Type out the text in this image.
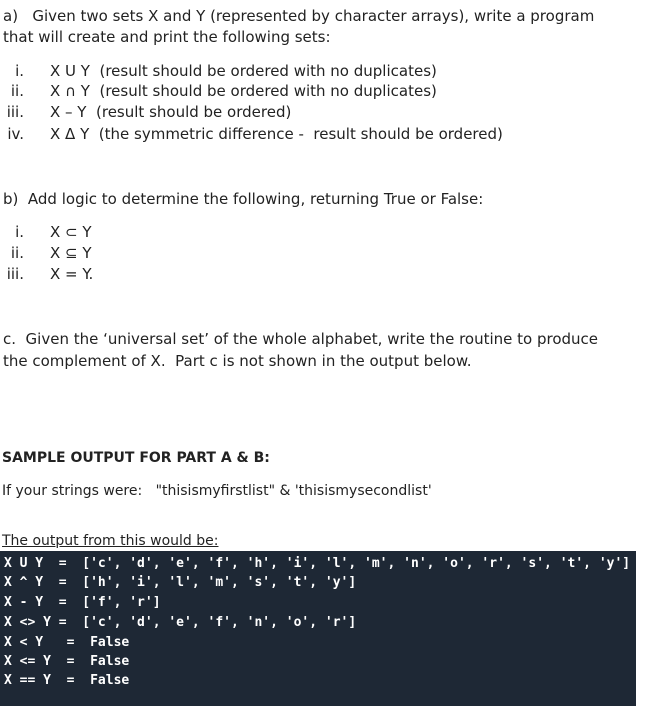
a)   Given two sets X and Y (represented by character arrays), write a program
that will create and print the following sets:
i. X U Y  (result should be ordered with no duplicates)
ii. X ∩ Y  (result should be ordered with no duplicates)
iii. X – Y  (result should be ordered)
iv. X Δ Y  (the symmetric difference -  result should be ordered)
b)  Add logic to determine the following, returning True or False:
i. X ⊂ Y
ii. X ⊆ Y
iii. X = Y.
c.  Given the ‘universal set’ of the whole alphabet, write the routine to produce
the complement of X.  Part c is not shown in the output below.
SAMPLE OUTPUT FOR PART A & B:
If your strings were:   "thisismyfirstlist" & 'thisismysecondlist'
The output from this would be:
X U Y  =  ['c', 'd', 'e', 'f', 'h', 'i', 'l', 'm', 'n', 'o', 'r', 's', 't', 'y']
X ^ Y  =  ['h', 'i', 'l', 'm', 's', 't', 'y']
X - Y  =  ['f', 'r']
X <> Y =  ['c', 'd', 'e', 'f', 'n', 'o', 'r']
X < Y   =  False
X <= Y  =  False
X == Y  =  False
